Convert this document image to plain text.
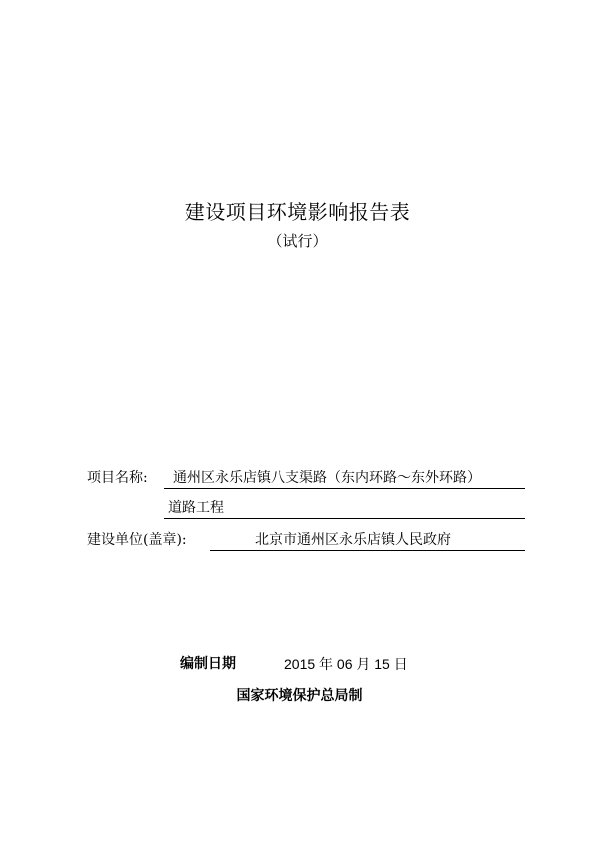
建设项目环境影响报告表
（试行）
项目名称:	通州区永乐店镇八支渠路（东内环路～东外环路）
道路工程
建设单位(盖章):	北京市通州区永乐店镇人民政府
编制日期	2015 年 06 月 15 日
国家环境保护总局制
